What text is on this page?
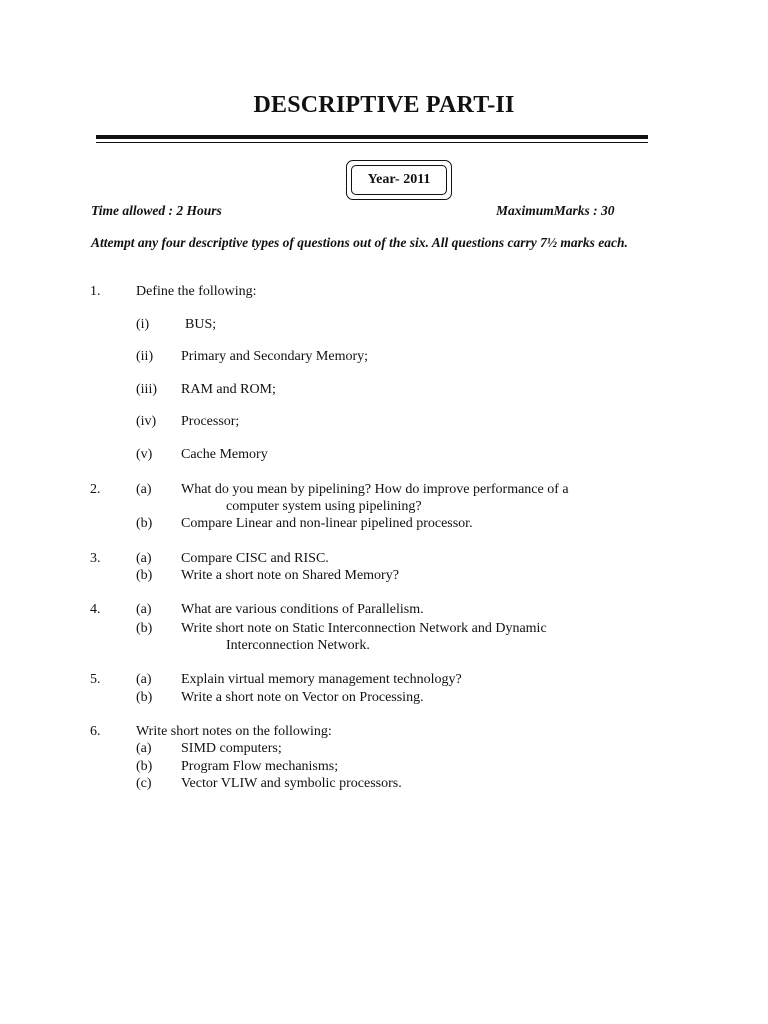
DESCRIPTIVE PART-II
Year- 2011
Time allowed : 2 Hours	MaximumMarks : 30
Attempt any four descriptive types of questions out of the six. All questions carry 7½ marks each.
1.	Define the following:
(i)	BUS;
(ii) Primary and Secondary Memory;
(iii) RAM and ROM;
(iv) Processor;
(v) Cache Memory
2.	(a) What do you mean by pipelining? How do improve performance of a
computer system using pipelining?
(b) Compare Linear and non-linear pipelined processor.
3.	(a) Compare CISC and RISC.
(b) Write a short note on Shared Memory?
4.	(a) What are various conditions of Parallelism.
(b) Write short note on Static Interconnection Network and Dynamic
Interconnection Network.
5.	(a) Explain virtual memory management technology?
(b) Write a short note on Vector on Processing.
6.	Write short notes on the following:
(a) SIMD computers;
(b) Program Flow mechanisms;
(c) Vector VLIW and symbolic processors.
